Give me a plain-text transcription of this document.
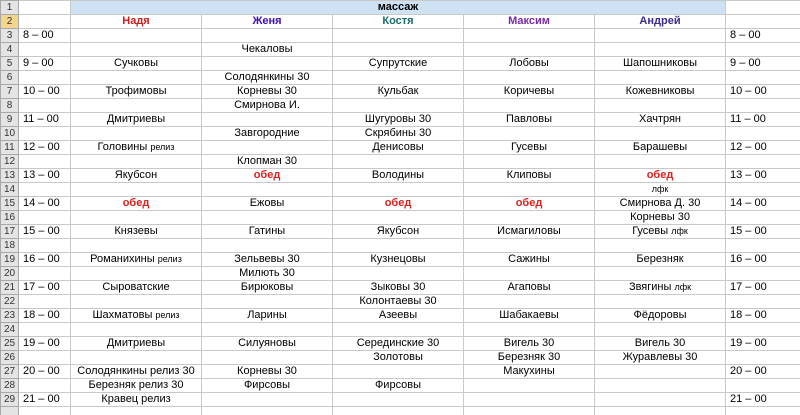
1		массаж					
2		Надя	Женя	Костя	Максим	Андрей	
3	8 – 00						8 – 00
4			Чекаловы				
5	9 – 00	Сучковы		Супрутские	Лобовы	Шапошниковы	9 – 00
6			Солодянкины 30				
7	10 – 00	Трофимовы	Корневы 30	Кульбак	Коричевы	Кожевниковы	10 – 00
8			Смирнова И.				
9	11 – 00	Дмитриевы		Шугуровы 30	Павловы	Хачтрян	11 – 00
10			Завгородние	Скрябины 30			
11	12 – 00	Головины релиз		Денисовы	Гусевы	Барашевы	12 – 00
12			Клопман 30				
13	13 – 00	Якубсон	обед	Володины	Клиповы	обед	13 – 00
14						лфк	
15	14 – 00	обед	Ежовы	обед	обед	Смирнова Д. 30	14 – 00
16						Корневы 30	
17	15 – 00	Князевы	Гатины	Якубсон	Исмагиловы	Гусевы лфк	15 – 00
18							
19	16 – 00	Романихины релиз	Зельвевы 30	Кузнецовы	Сажины	Березняк	16 – 00
20			Милють 30				
21	17 – 00	Сыроватские	Бирюковы	Зыковы 30	Агаповы	Звягины лфк	17 – 00
22				Колонтаевы 30			
23	18 – 00	Шахматовы релиз	Ларины	Азеевы	Шабакаевы	Фёдоровы	18 – 00
24							
25	19 – 00	Дмитриевы	Силуяновы	Серединские 30	Вигель 30	Вигель 30	19 – 00
26				Золотовы	Березняк 30	Журавлевы 30	
27	20 – 00	Солодянкины релиз 30	Корневы 30		Макухины		20 – 00
28		Березняк релиз 30	Фирсовы	Фирсовы			
29	21 – 00	Кравец релиз					21 – 00
